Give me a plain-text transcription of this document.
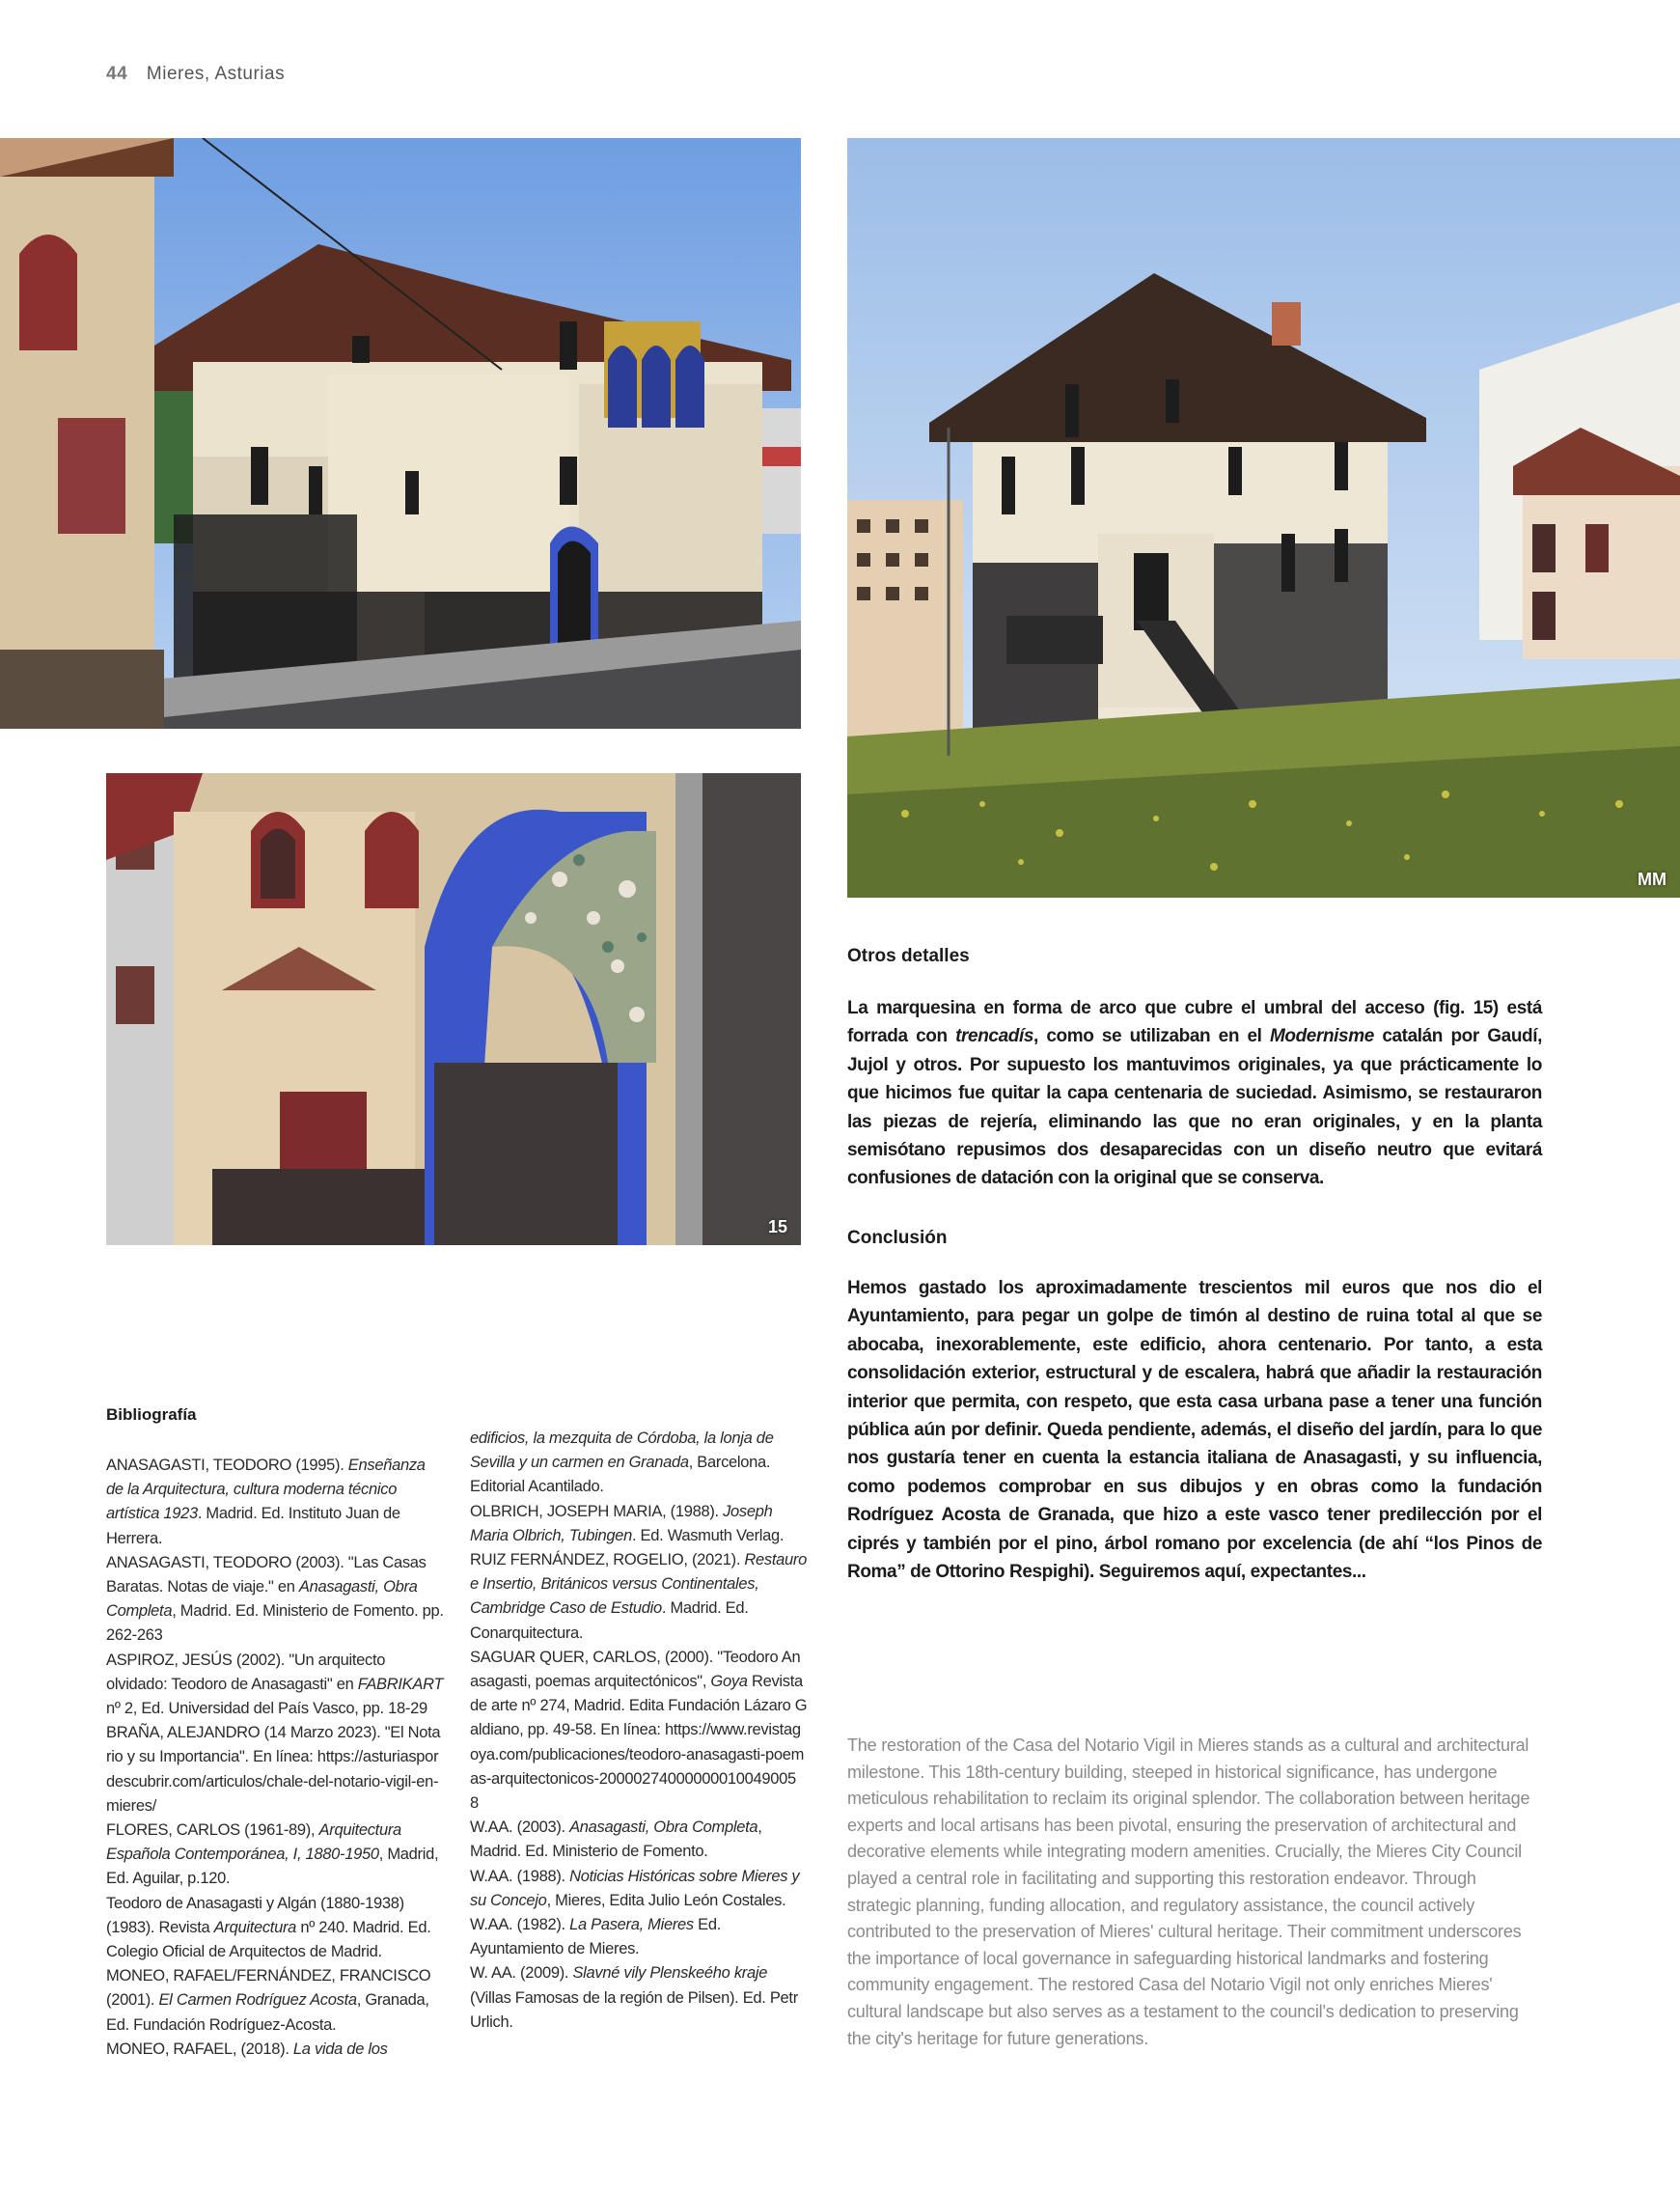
44 Mieres, Asturias
MM
15
Otros detalles

La marquesina en forma de arco que cubre el umbral del acceso (fig. 15) está forrada con trencadís, como se utilizaban en el Modernisme catalán por Gaudí, Jujol y otros. Por supuesto los mantuvimos originales, ya que prácticamente lo que hicimos fue quitar la capa centenaria de suciedad. Asimismo, se restauraron las piezas de rejería, eliminando las que no eran originales, y en la planta semisótano repusimos dos desaparecidas con un diseño neutro que evitará confusiones de datación con la original que se conserva.

Conclusión

Hemos gastado los aproximadamente trescientos mil euros que nos dio el Ayuntamiento, para pegar un golpe de timón al destino de ruina total al que se abocaba, inexorablemente, este edificio, ahora centenario. Por tanto, a esta consolidación exterior, estructural y de escalera, habrá que añadir la restauración interior que permita, con respeto, que esta casa urbana pase a tener una función pública aún por definir. Queda pendiente, además, el diseño del jardín, para lo que nos gustaría tener en cuenta la estancia italiana de Anasagasti, y su influencia, como podemos comprobar en sus dibujos y en obras como la fundación Rodríguez Acosta de Granada, que hizo a este vasco tener predilección por el ciprés y también por el pino, árbol romano por excelencia (de ahí “los Pinos de Roma” de Ottorino Respighi). Seguiremos aquí, expectantes...

Bibliografía
ANASAGASTI, TEODORO (1995). Enseñanza de la Arquitectura, cultura moderna técnico artística 1923. Madrid. Ed. Instituto Juan de Herrera.
ANASAGASTI, TEODORO (2003). "Las Casas Baratas. Notas de viaje." en Anasagasti, Obra Completa, Madrid. Ed. Ministerio de Fomento. pp. 262-263
ASPIROZ, JESÚS (2002). "Un arquitecto olvidado: Teodoro de Anasagasti" en FABRIKART nº 2, Ed. Universidad del País Vasco, pp. 18-29
BRAÑA, ALEJANDRO (14 Marzo 2023). "El Notario y su Importancia". En línea: https://asturiaspordescubrir.com/articulos/chale-del-notario-vigil-en-mieres/
FLORES, CARLOS (1961-89), Arquitectura Española Contemporánea, I, 1880-1950, Madrid, Ed. Aguilar, p.120.
Teodoro de Anasagasti y Algán (1880-1938) (1983). Revista Arquitectura nº 240. Madrid. Ed. Colegio Oficial de Arquitectos de Madrid.
MONEO, RAFAEL/FERNÁNDEZ, FRANCISCO (2001). El Carmen Rodríguez Acosta, Granada, Ed. Fundación Rodríguez-Acosta.
MONEO, RAFAEL, (2018). La vida de los
edificios, la mezquita de Córdoba, la lonja de Sevilla y un carmen en Granada, Barcelona. Editorial Acantilado.
OLBRICH, JOSEPH MARIA, (1988). Joseph Maria Olbrich, Tubingen. Ed. Wasmuth Verlag.
RUIZ FERNÁNDEZ, ROGELIO, (2021). Restauro e Insertio, Británicos versus Continentales, Cambridge Caso de Estudio. Madrid. Ed. Conarquitectura.
SAGUAR QUER, CARLOS, (2000). "Teodoro Anasagasti, poemas arquitectónicos", Goya Revista de arte nº 274, Madrid. Edita Fundación Lázaro Galdiano, pp. 49-58. En línea: https://www.revistagoya.com/publicaciones/teodoro-anasagasti-poemas-arquitectonicos-20000274000000010049005 8
W.AA. (2003). Anasagasti, Obra Completa, Madrid. Ed. Ministerio de Fomento.
W.AA. (1988). Noticias Históricas sobre Mieres y su Concejo, Mieres, Edita Julio León Costales.
W.AA. (1982). La Pasera, Mieres Ed. Ayuntamiento de Mieres.
W. AA. (2009). Slavné vily Plenskeého kraje (Villas Famosas de la región de Pilsen). Ed. Petr Urlich.
The restoration of the Casa del Notario Vigil in Mieres stands as a cultural and architectural milestone. This 18th-century building, steeped in historical significance, has undergone meticulous rehabilitation to reclaim its original splendor. The collaboration between heritage experts and local artisans has been pivotal, ensuring the preservation of architectural and decorative elements while integrating modern amenities. Crucially, the Mieres City Council played a central role in facilitating and supporting this restoration endeavor. Through strategic planning, funding allocation, and regulatory assistance, the council actively contributed to the preservation of Mieres' cultural heritage. Their commitment underscores the importance of local governance in safeguarding historical landmarks and fostering community engagement. The restored Casa del Notario Vigil not only enriches Mieres' cultural landscape but also serves as a testament to the council's dedication to preserving the city's heritage for future generations.
